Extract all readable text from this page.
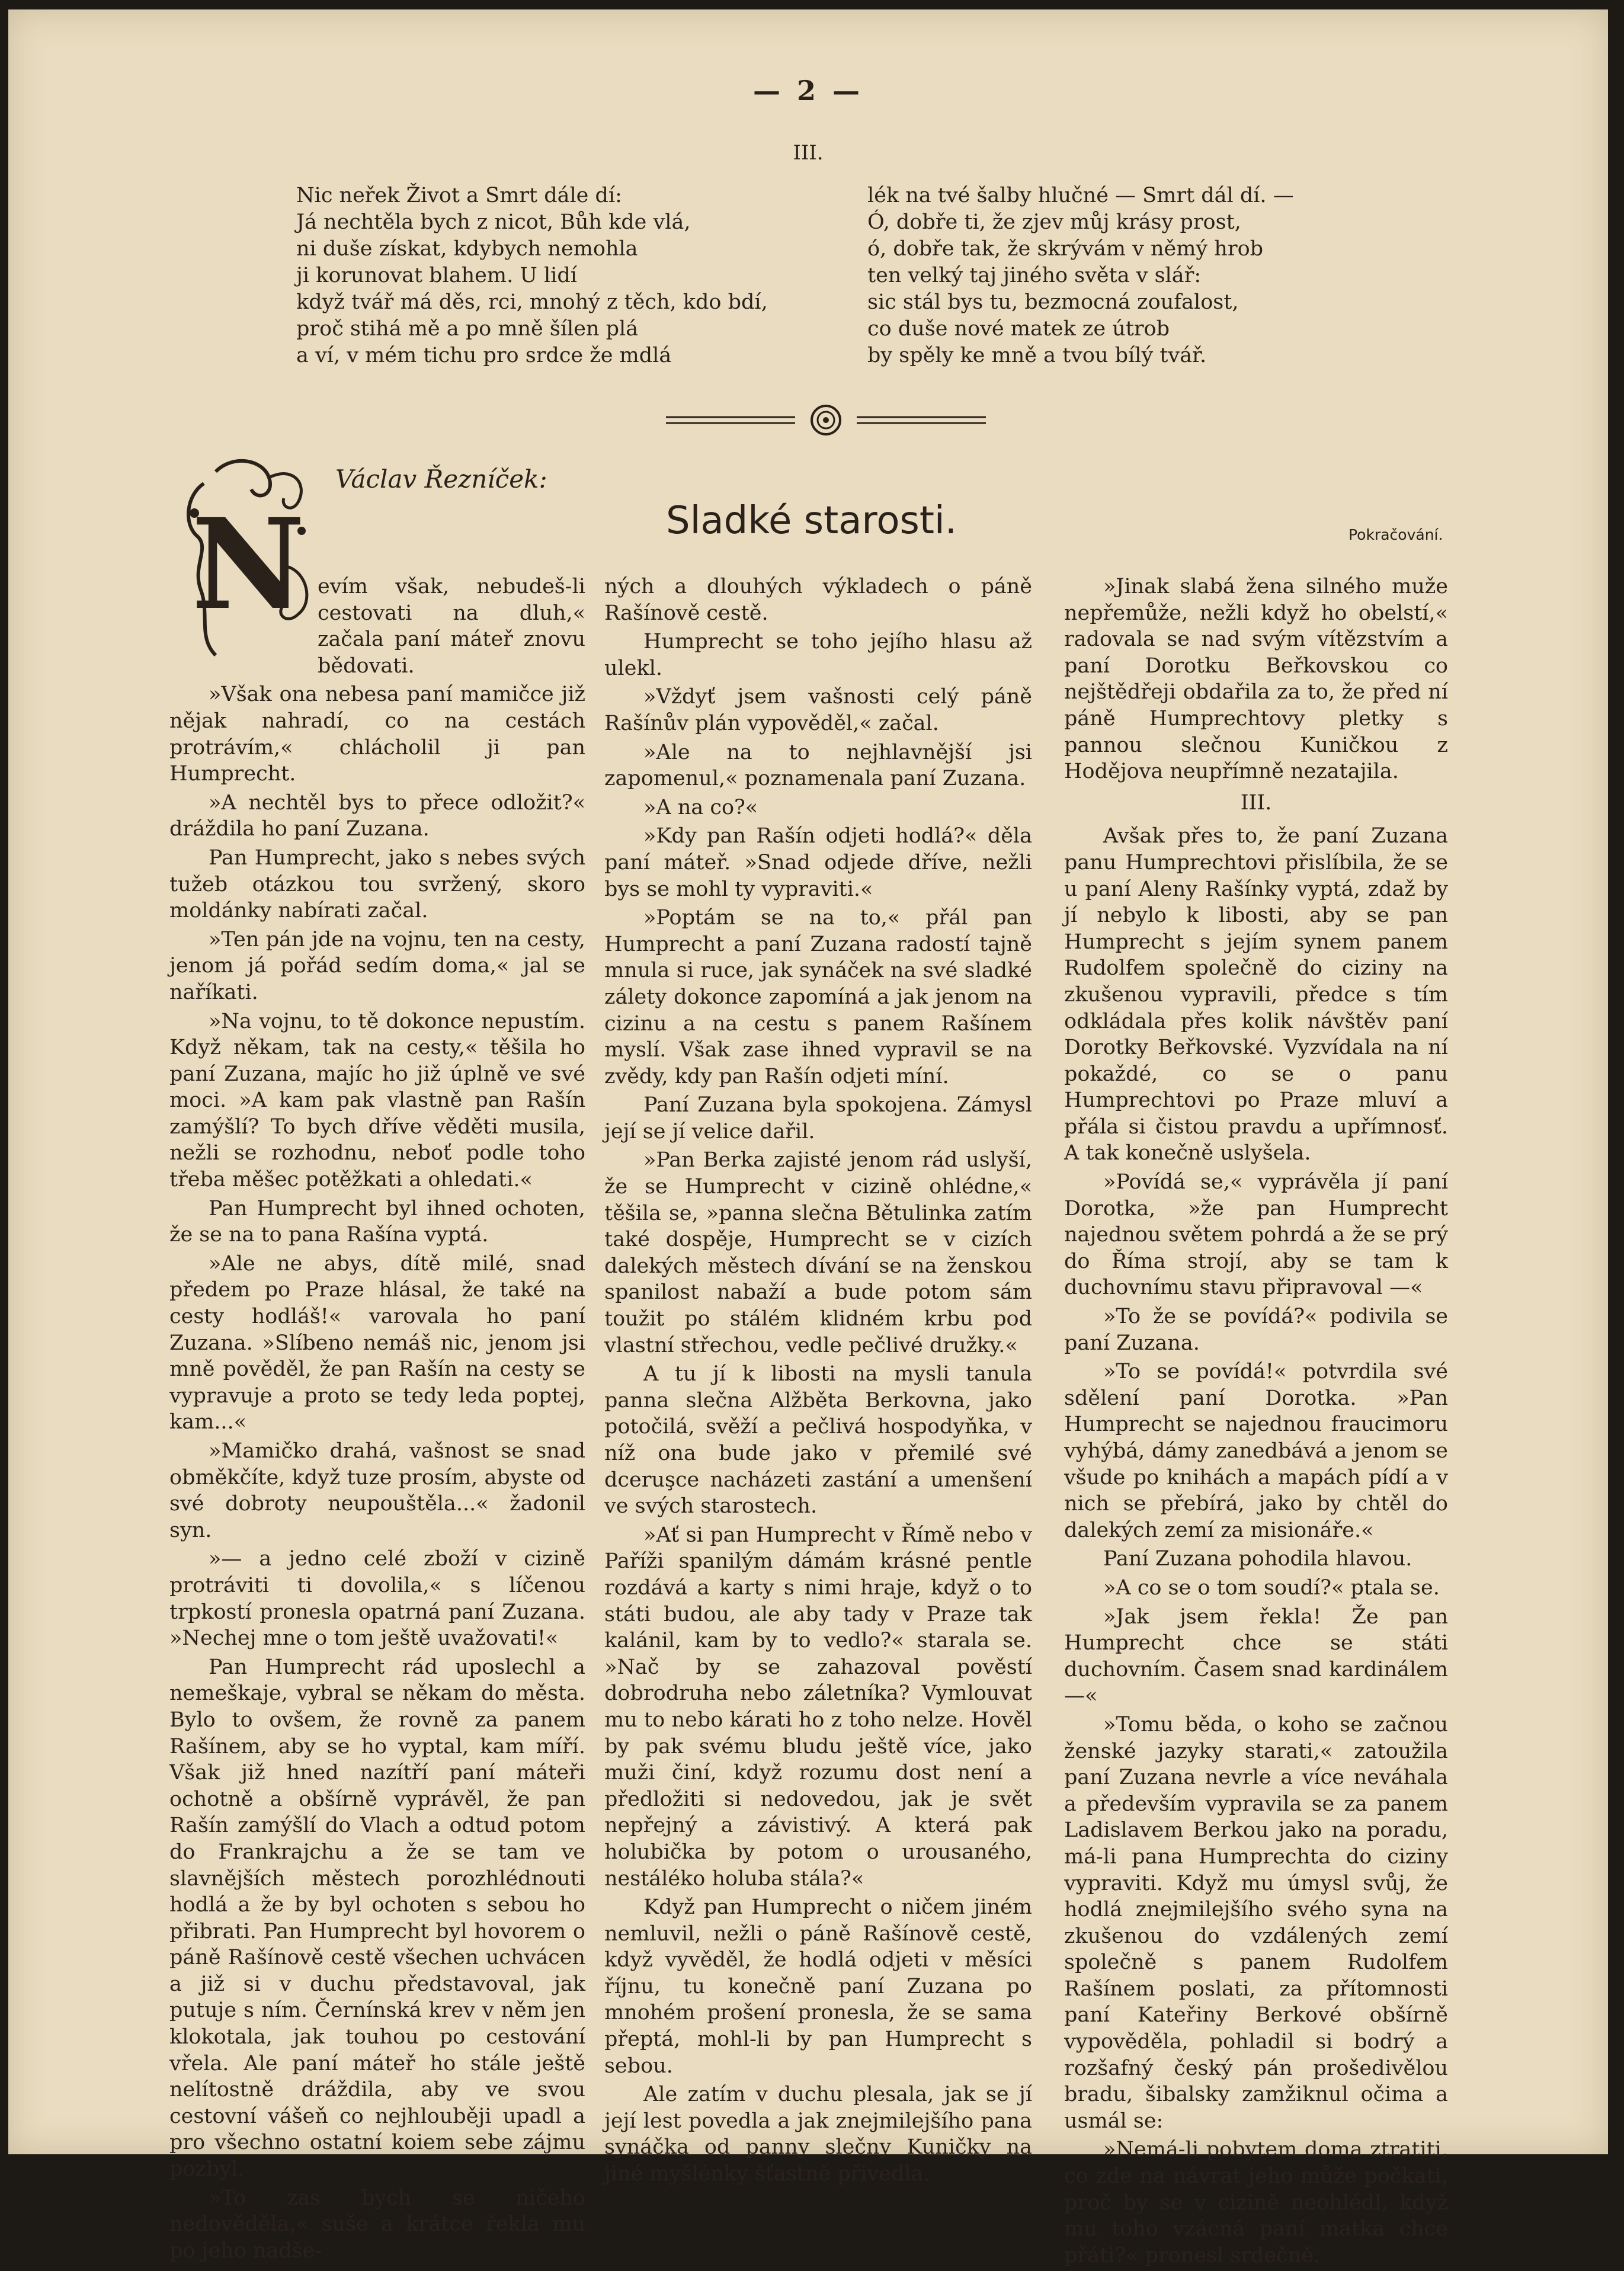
— 2 —
III.
Nic neřek Život a Smrt dále dí:
Já nechtěla bych z nicot, Bůh kde vlá,
ni duše získat, kdybych nemohla
ji korunovat blahem. U lidí
když tvář má děs, rci, mnohý z těch, kdo bdí,
proč stihá mě a po mně šílen plá
a ví, v mém tichu pro srdce že mdlá
lék na tvé šalby hlučné — Smrt dál dí. —
Ó, dobře ti, že zjev můj krásy prost,
ó, dobře tak, že skrývám v němý hrob
ten velký taj jiného světa v slář:
sic stál bys tu, bezmocná zoufalost,
co duše nové matek ze útrob
by spěly ke mně a tvou bílý tvář.
Václav Řezníček:
Sladké starosti.	Pokračování.
N evím však, nebudeš-li cestovati na dluh,« začala paní máteř znovu bědovati.

»Však ona nebesa paní mamičce již nějak nahradí, co na cestách protrávím,« chlácholil ji pan Humprecht.

»A nechtěl bys to přece odložit?« dráždila ho paní Zuzana.

Pan Humprecht, jako s nebes svých tužeb otázkou tou svržený, skoro moldánky nabírati začal.

»Ten pán jde na vojnu, ten na cesty, jenom já pořád sedím doma,« jal se naříkati.

»Na vojnu, to tě dokonce nepustím. Když někam, tak na cesty,« těšila ho paní Zuzana, majíc ho již úplně ve své moci. »A kam pak vlastně pan Rašín zamýšlí? To bych dříve věděti musila, nežli se rozhodnu, neboť podle toho třeba měšec potěžkati a ohledati.«

Pan Humprecht byl ihned ochoten, že se na to pana Rašína vyptá.

»Ale ne abys, dítě milé, snad předem po Praze hlásal, že také na cesty hodláš!« varovala ho paní Zuzana. »Slíbeno nemáš nic, jenom jsi mně pověděl, že pan Rašín na cesty se vypravuje a proto se tedy leda poptej, kam...«

»Mamičko drahá, vašnost se snad obměkčíte, když tuze prosím, abyste od své dobroty neupouštěla...« žadonil syn.

»— a jedno celé zboží v cizině protráviti ti dovolila,« s líčenou trpkostí pronesla opatrná paní Zuzana. »Nechej mne o tom ještě uvažovati!«

Pan Humprecht rád uposlechl a nemeškaje, vybral se někam do města. Bylo to ovšem, že rovně za panem Rašínem, aby se ho vyptal, kam míří. Však již hned nazítří paní máteři ochotně a obšírně vyprávěl, že pan Rašín zamýšlí do Vlach a odtud potom do Frankrajchu a že se tam ve slavnějších městech porozhlédnouti hodlá a že by byl ochoten s sebou ho přibrati. Pan Humprecht byl hovorem o páně Rašínově cestě všechen uchvácen a již si v duchu představoval, jak putuje s ním. Černínská krev v něm jen klokotala, jak touhou po cestování vřela. Ale paní máteř ho stále ještě nelítostně dráždila, aby ve svou cestovní vášeň co nejhlouběji upadl a pro všechno ostatní koiem sebe zájmu pozbyl.

»To zas bych se ničeho nedověděla,« suše a krátce řekla mu po jeho nadše-

ných a dlouhých výkladech o páně Rašínově cestě.

Humprecht se toho jejího hlasu až ulekl.

»Vždyť jsem vašnosti celý páně Rašínův plán vypověděl,« začal.

»Ale na to nejhlavnější jsi zapomenul,« poznamenala paní Zuzana.

»A na co?«

»Kdy pan Rašín odjeti hodlá?« děla paní máteř. »Snad odjede dříve, nežli bys se mohl ty vypraviti.«

»Poptám se na to,« přál pan Humprecht a paní Zuzana radostí tajně mnula si ruce, jak synáček na své sladké zálety dokonce zapomíná a jak jenom na cizinu a na cestu s panem Rašínem myslí. Však zase ihned vypravil se na zvědy, kdy pan Rašín odjeti míní.

Paní Zuzana byla spokojena. Zámysl její se jí velice dařil.

»Pan Berka zajisté jenom rád uslyší, že se Humprecht v cizině ohlédne,« těšila se, »panna slečna Bětulinka zatím také dospěje, Humprecht se v cizích dalekých městech dívání se na ženskou spanilost nabaží a bude potom sám toužit po stálém klidném krbu pod vlastní střechou, vedle pečlivé družky.«

A tu jí k libosti na mysli tanula panna slečna Alžběta Berkovna, jako potočilá, svěží a pečlivá hospodyňka, v níž ona bude jako v přemilé své dceruşce nacházeti zastání a umenšení ve svých starostech.

»Ať si pan Humprecht v Římě nebo v Paříži spanilým dámám krásné pentle rozdává a karty s nimi hraje, když o to státi budou, ale aby tady v Praze tak kalánil, kam by to vedlo?« starala se. »Nač by se zahazoval pověstí dobrodruha nebo záletníka? Vymlouvat mu to nebo kárati ho z toho nelze. Hověl by pak svému bludu ještě více, jako muži činí, když rozumu dost není a předložiti si nedovedou, jak je svět nepřejný a závistivý. A která pak holubička by potom o urousaného, nestáléko holuba stála?«

Když pan Humprecht o ničem jiném nemluvil, nežli o páně Rašínově cestě, když vyvěděl, že hodlá odjeti v měsíci říjnu, tu konečně paní Zuzana po mnohém prošení pronesla, že se sama přeptá, mohl-li by pan Humprecht s sebou.

Ale zatím v duchu plesala, jak se jí její lest povedla a jak znejmilejšího pana synáčka od panny slečny Kuničky na jiné myšlénky šťastně přivedla.

»Jinak slabá žena silného muže nepřemůže, nežli když ho obelstí,« radovala se nad svým vítězstvím a paní Dorotku Beřkovskou co nejštědřeji obdařila za to, že před ní páně Humprechtovy pletky s pannou slečnou Kuničkou z Hodějova neupřímně nezatajila.

III.

Avšak přes to, že paní Zuzana panu Humprechtovi přislíbila, že se u paní Aleny Rašínky vyptá, zdaž by jí nebylo k libosti, aby se pan Humprecht s jejím synem panem Rudolfem společně do ciziny na zkušenou vypravili, předce s tím odkládala přes kolik návštěv paní Dorotky Beřkovské. Vyzvídala na ní pokaždé, co se o panu Humprechtovi po Praze mluví a přála si čistou pravdu a upřímnosť. A tak konečně uslyšela.

»Povídá se,« vyprávěla jí paní Dorotka, »že pan Humprecht najednou světem pohrdá a že se prý do Říma strojí, aby se tam k duchovnímu stavu připravoval —«

»To že se povídá?« podivila se paní Zuzana.

»To se povídá!« potvrdila své sdělení paní Dorotka. »Pan Humprecht se najednou fraucimoru vyhýbá, dámy zanedbává a jenom se všude po knihách a mapách pídí a v nich se přebírá, jako by chtěl do dalekých zemí za misionáře.«

Paní Zuzana pohodila hlavou.

»A co se o tom soudí?« ptala se.

»Jak jsem řekla! Že pan Humprecht chce se státi duchovním. Časem snad kardinálem —«

»Tomu běda, o koho se začnou ženské jazyky starati,« zatoužila paní Zuzana nevrle a více neváhala a především vypravila se za panem Ladislavem Berkou jako na poradu, má-li pana Humprechta do ciziny vypraviti. Když mu úmysl svůj, že hodlá znejmilejšího svého syna na zkušenou do vzdálených zemí společně s panem Rudolfem Rašínem poslati, za přítomnosti paní Kateřiny Berkové obšírně vypověděla, pohladil si bodrý a rozšafný český pán prošedivělou bradu, šibalsky zamžiknul očima a usmál se:

»Nemá-li pobytem doma ztratiti, co zde na návrat jeho může počkati, proč by se v cizině neohlédl, když mu toho vzácná paní matka chce přáti?« pronesl srdečně.
